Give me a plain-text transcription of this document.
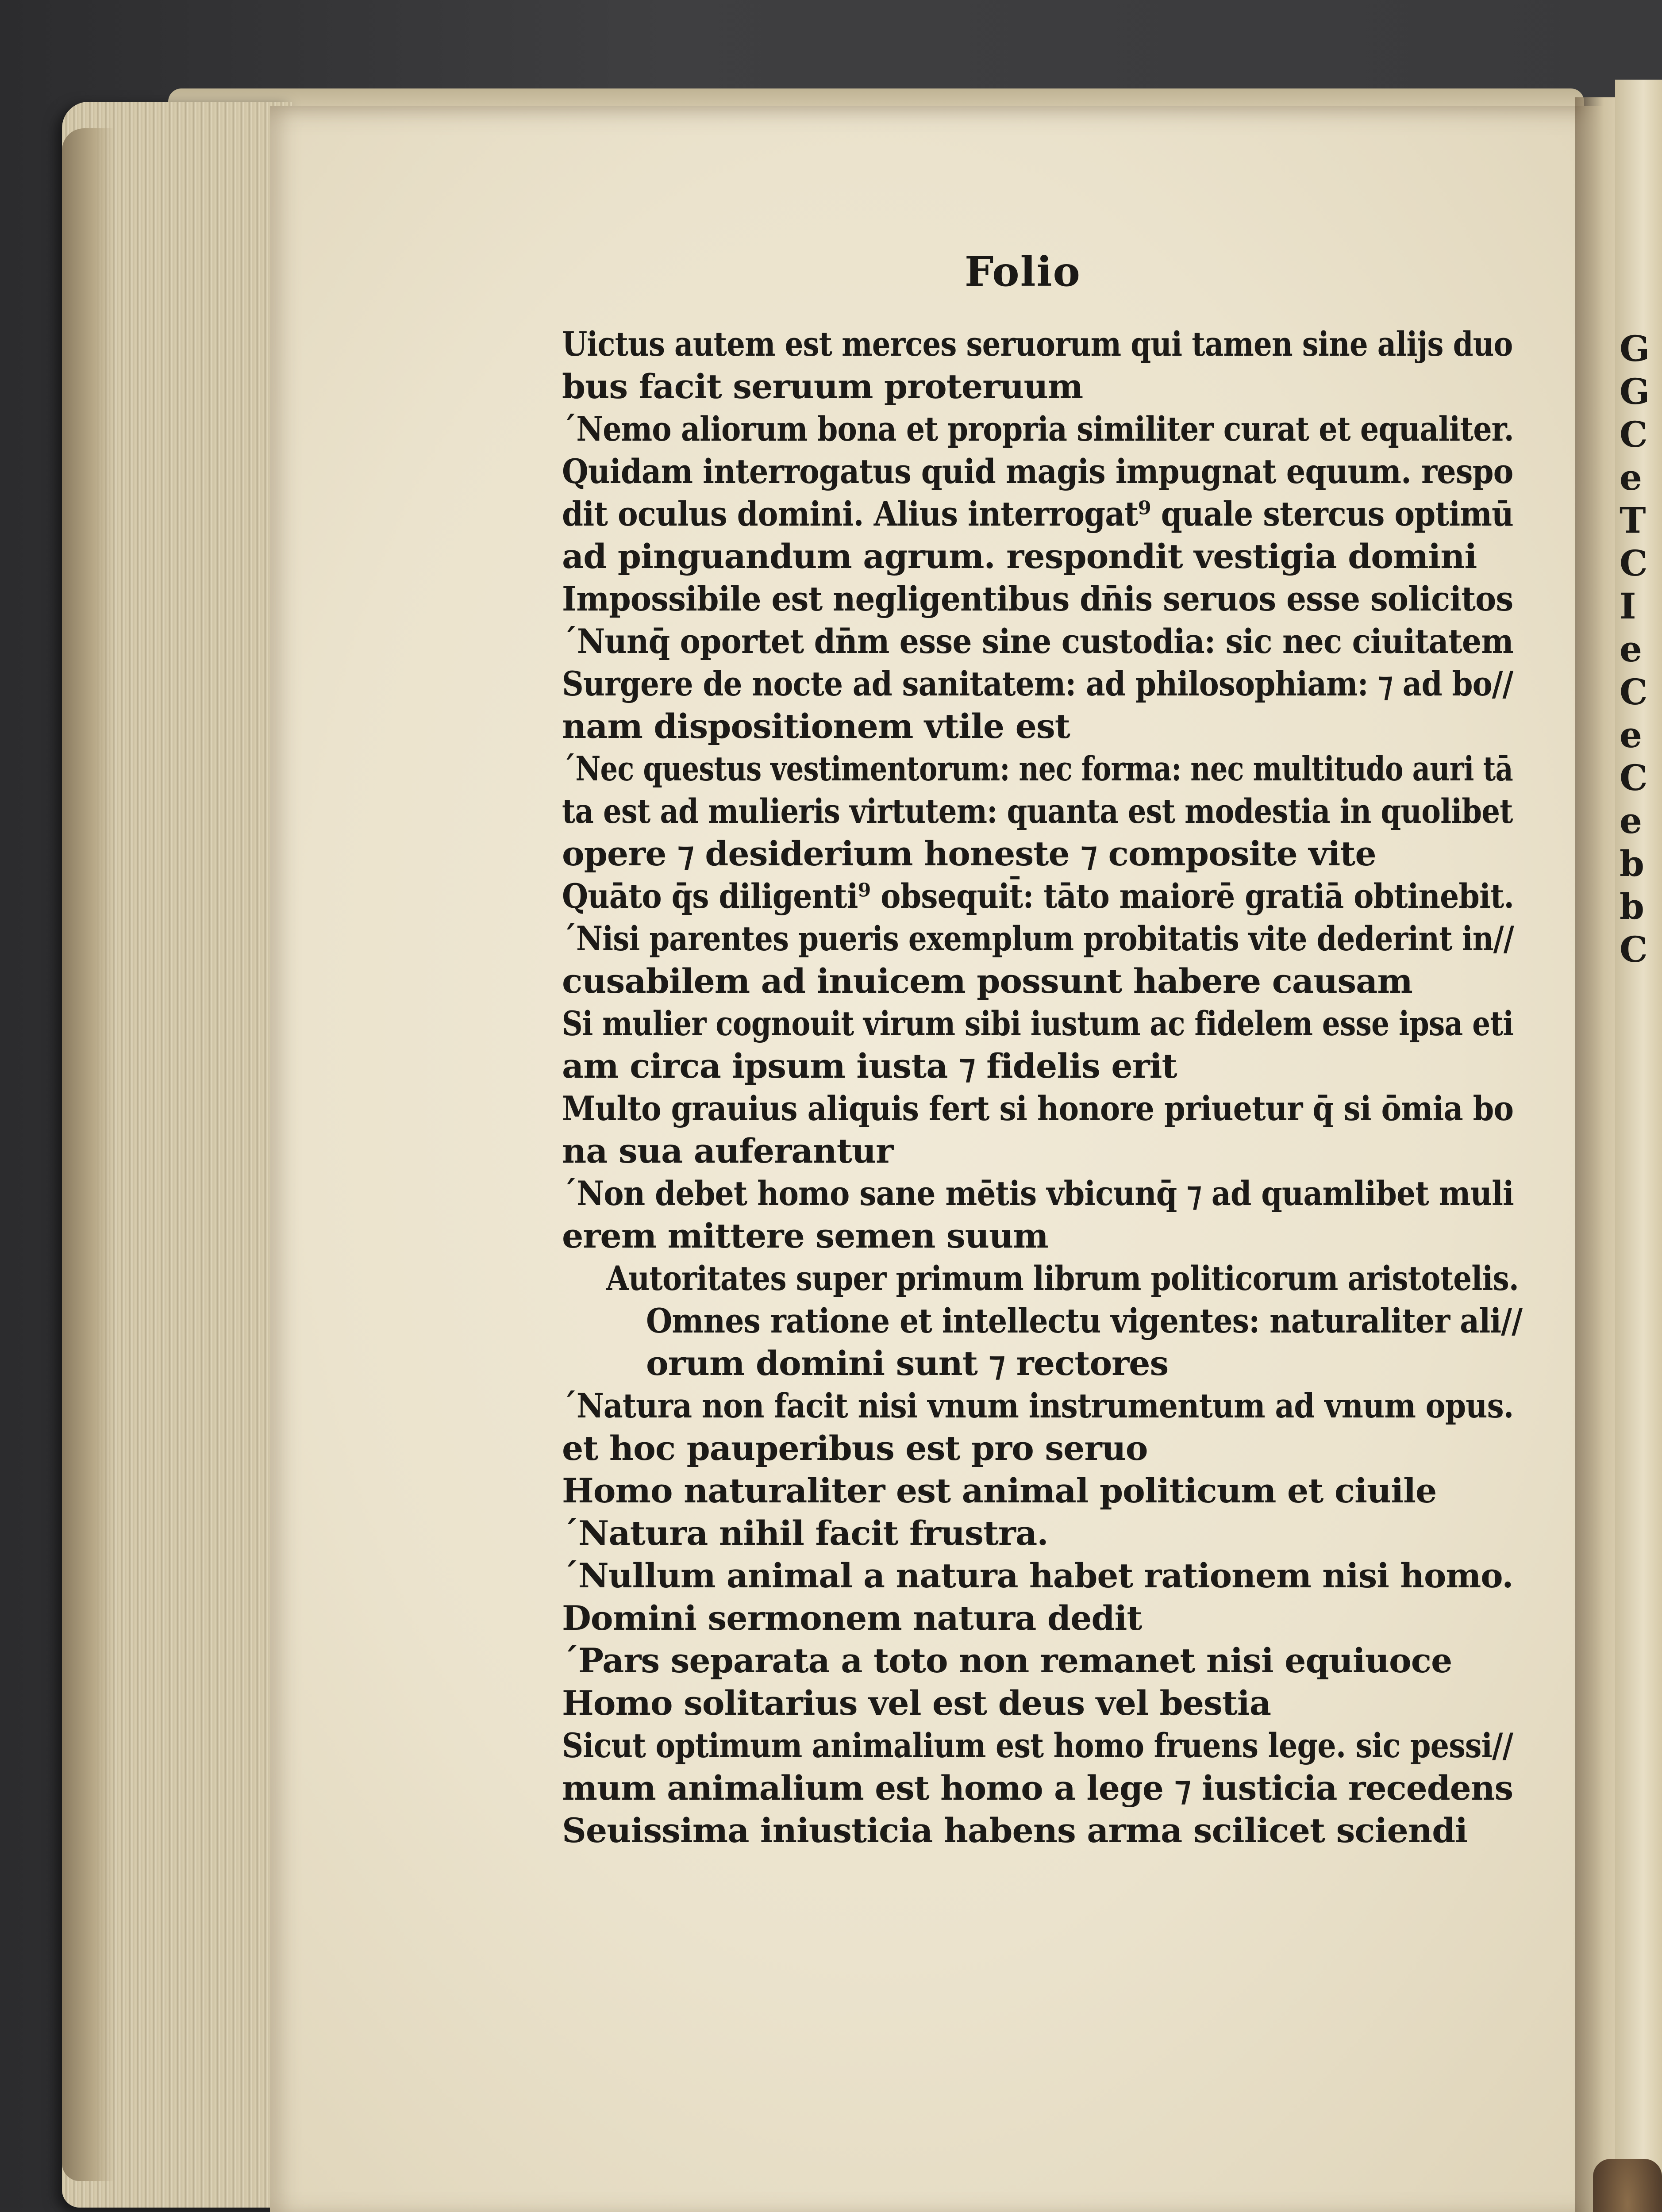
G
G
C
e
T
C
I
e
C
e
C
e
b
b
C
Folio
Uictus autem est merces seruorum qui tamen sine alijs duo
bus facit seruum proteruum
´Nemo aliorum bona et propria similiter curat et equaliter.
Quidam interrogatus quid magis impugnat equum. respo
dit oculus domini. Alius interrogat⁹ quale stercus optimū
ad pinguandum agrum. respondit vestigia domini
Impossibile est negligentibus dn̄is seruos esse solicitos
´Nunq̄ oportet dn̄m esse sine custodia: sic nec ciuitatem
Surgere de nocte ad sanitatem: ad philosophiam: ⁊ ad bo//
nam dispositionem vtile est
´Nec questus vestimentorum: nec forma: nec multitudo auri tā
ta est ad mulieris virtutem: quanta est modestia in quolibet
opere ⁊ desiderium honeste ⁊ composite vite
Quāto q̄s diligenti⁹ obsequit̄: tāto maiorē gratiā obtinebit.
´Nisi parentes pueris exemplum probitatis vite dederint in//
cusabilem ad inuicem possunt habere causam
Si mulier cognouit virum sibi iustum ac fidelem esse ipsa eti
am circa ipsum iusta ⁊ fidelis erit
Multo grauius aliquis fert si honore priuetur q̄ si ōmia bo
na sua auferantur
´Non debet homo sane mētis vbicunq̄ ⁊ ad quamlibet muli
erem mittere semen suum
Autoritates super primum librum politicorum aristotelis.
Omnes ratione et intellectu vigentes: naturaliter ali//
orum domini sunt ⁊ rectores
´Natura non facit nisi vnum instrumentum ad vnum opus.
et hoc pauperibus est pro seruo
Homo naturaliter est animal politicum et ciuile
´Natura nihil facit frustra.
´Nullum animal a natura habet rationem nisi homo.
Domini sermonem natura dedit
´Pars separata a toto non remanet nisi equiuoce
Homo solitarius vel est deus vel bestia
Sicut optimum animalium est homo fruens lege. sic pessi//
mum animalium est homo a lege ⁊ iusticia recedens
Seuissima iniusticia habens arma scilicet sciendi
